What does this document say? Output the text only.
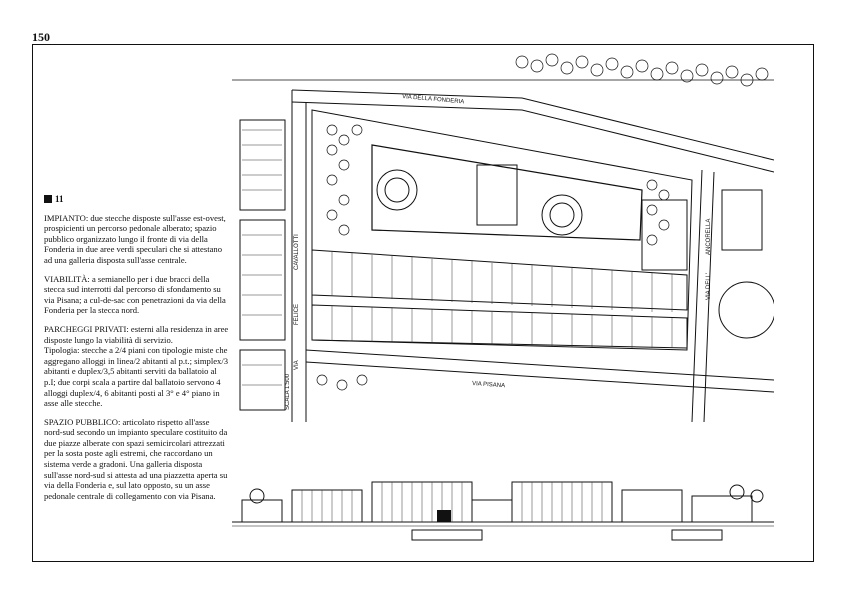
150
11

IMPIANTO: due stecche disposte sull'asse est-ovest, prospicienti un percorso pedonale alberato; spazio pubblico organizzato lungo il fronte di via della Fonderia in due aree verdi speculari che si attestano ad una galleria disposta sull'asse centrale.

VIABILITÀ: a semianello per i due bracci della stecca sud interrotti dal percorso di sfondamento su via Pisana; a cul-de-sac con penetrazioni da via della Fonderia per la stecca nord.

PARCHEGGI PRIVATI: esterni alla residenza in aree disposte lungo la viabilità di servizio.

Tipologia: stecche a 2/4 piani con tipologie miste che aggregano alloggi in linea/2 abitanti al p.t.; simplex/3 abitanti e duplex/3,5 abitanti serviti da ballatoio al p.I; due corpi scala a partire dal ballatoio servono 4 alloggi duplex/4, 6 abitanti posti al 3° e 4° piano in asse alle stecche.

SPAZIO PUBBLICO: articolato rispetto all'asse nord-sud secondo un impianto speculare costituito da due piazze alberate con spazi semicircolari attrezzati per la sosta poste agli estremi, che raccordano un sistema verde a gradoni. Una galleria disposta sull'asse nord-sud si attesta ad una piazzetta aperta su via della Fonderia e, sul lato opposto, su un asse pedonale centrale di collegamento con via Pisana.

VIA DELLA FONDERIA
CAVALLOTTI
FELICE
VIA
VIA PISANA
SCALA 1:500
VIA DELL'
ANCORELLA
